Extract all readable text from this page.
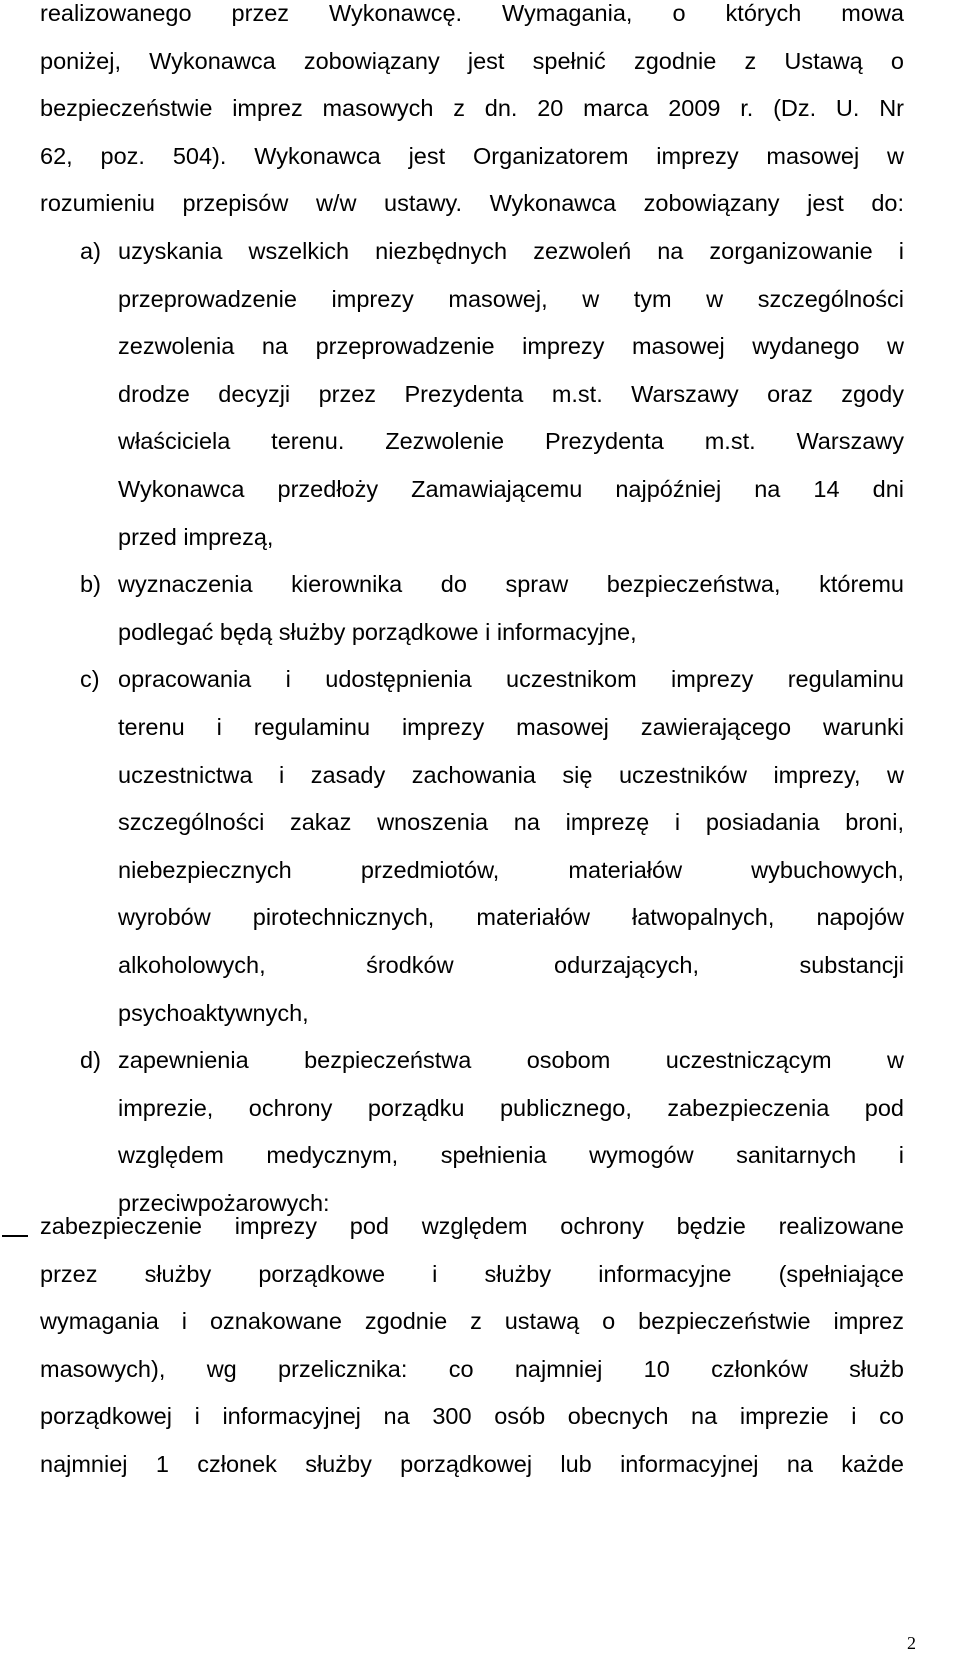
realizowanego przez Wykonawcę. Wymagania, o których mowa
poniżej, Wykonawca zobowiązany jest spełnić zgodnie z Ustawą o
bezpieczeństwie imprez masowych z dn. 20 marca 2009 r. (Dz. U. Nr
62, poz. 504). Wykonawca jest Organizatorem imprezy masowej w
rozumieniu przepisów w/w ustawy. Wykonawca zobowiązany jest do:
a) uzyskania wszelkich niezbędnych zezwoleń na zorganizowanie i
przeprowadzenie imprezy masowej, w tym w szczególności
zezwolenia na przeprowadzenie imprezy masowej wydanego w
drodze decyzji przez Prezydenta m.st. Warszawy oraz zgody
właściciela terenu. Zezwolenie Prezydenta m.st. Warszawy
Wykonawca przedłoży Zamawiającemu najpóźniej na 14 dni
przed imprezą,
b) wyznaczenia kierownika do spraw bezpieczeństwa, któremu
podlegać będą służby porządkowe i informacyjne,
c) opracowania i udostępnienia uczestnikom imprezy regulaminu
terenu i regulaminu imprezy masowej zawierającego warunki
uczestnictwa i zasady zachowania się uczestników imprezy, w
szczególności zakaz wnoszenia na imprezę i posiadania broni,
niebezpiecznych przedmiotów, materiałów wybuchowych,
wyrobów pirotechnicznych, materiałów łatwopalnych, napojów
alkoholowych, środków odurzających, substancji
psychoaktywnych,
d) zapewnienia bezpieczeństwa osobom uczestniczącym w
imprezie, ochrony porządku publicznego, zabezpieczenia pod
względem medycznym, spełnienia wymogów sanitarnych i
przeciwpożarowych:
zabezpieczenie imprezy pod względem ochrony będzie realizowane
przez służby porządkowe i służby informacyjne (spełniające
wymagania i oznakowane zgodnie z ustawą o bezpieczeństwie imprez
masowych), wg przelicznika: co najmniej 10 członków służb
porządkowej i informacyjnej na 300 osób obecnych na imprezie i co
najmniej 1 członek służby porządkowej lub informacyjnej na każde
2
